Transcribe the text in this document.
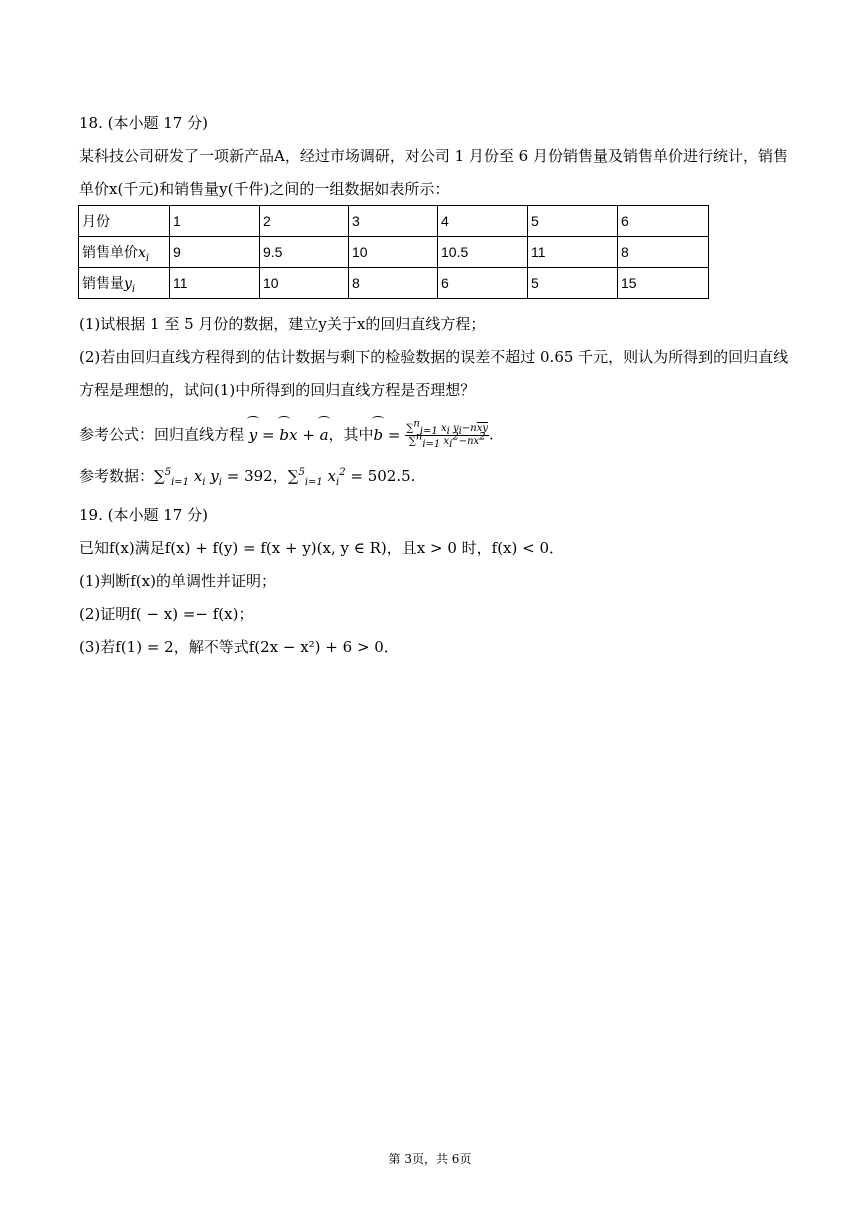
18. (本小题 17 分)
某科技公司研发了一项新产品A，经过市场调研，对公司 1 月份至 6 月份销售量及销售单价进行统计，销售
单价x(千元)和销售量y(千件)之间的一组数据如表所示：
月份	1	2	3	4	5	6
销售单价$x_i$	9	9.5	10	10.5	11	8
销售量$y_i$	11	10	8	6	5	15
(1)试根据 1 至 5 月份的数据，建立y关于x的回归直线方程；
(2)若由回归直线方程得到的估计数据与剩下的检验数据的误差不超过 0.65 千元，则认为所得到的回归直线
方程是理想的，试问(1)中所得到的回归直线方程是否理想？
参考公式：回归直线方程 y = bx + a，其中$b = \frac{\sum^n_{i=1} x_i y_i-n\overline{x}\overline{y}}{\sum^n_{i=1} x_i^2-n\overline{x}^2}$ .
参考数据：∑$^5_{i=1}$ $x_i$ $y_i = 392$，∑$^5_{i=1}$ $x_i^2 = 502.5$.
19. (本小题 17 分)
已知f(x)满足f(x) + f(y) = f(x + y)(x, y ∈ R)，且x > 0 时，f(x) < 0．
(1)判断f(x)的单调性并证明；
(2)证明f( − x) =− f(x)；
(3)若f(1) = 2，解不等式f(2x − x²) + 6 > 0．
第 3页，共 6页
